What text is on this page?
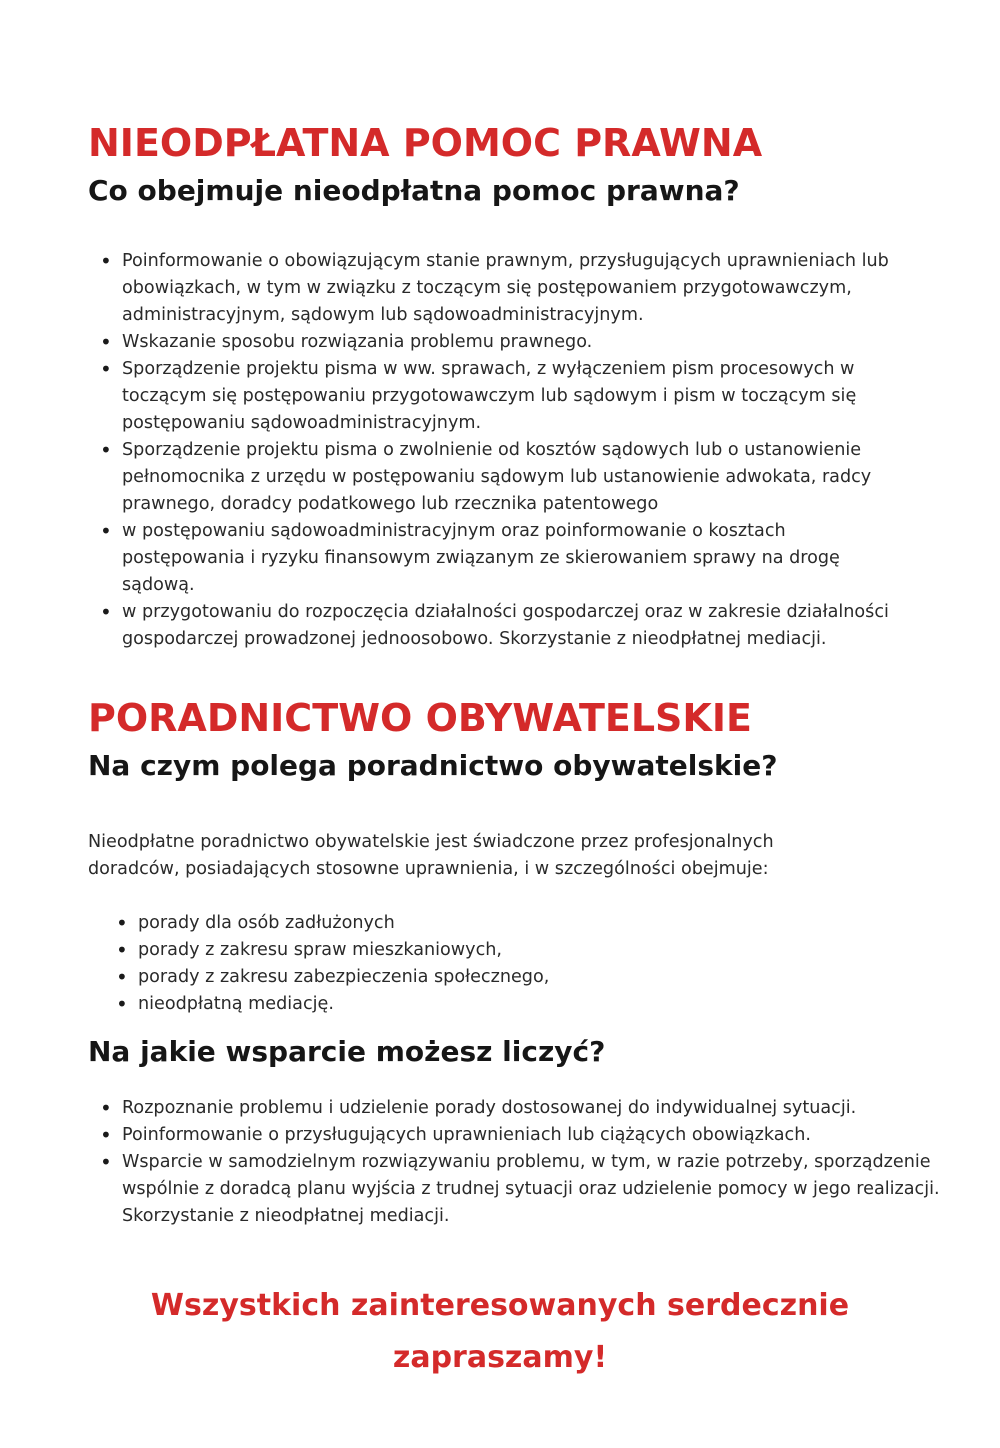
NIEODPŁATNA POMOC PRAWNA
Co obejmuje nieodpłatna pomoc prawna?
• Poinformowanie o obowiązującym stanie prawnym, przysługujących uprawnieniach lub obowiązkach, w tym w związku z toczącym się postępowaniem przygotowawczym, administracyjnym, sądowym lub sądowoadministracyjnym.
• Wskazanie sposobu rozwiązania problemu prawnego.
• Sporządzenie projektu pisma w ww. sprawach, z wyłączeniem pism procesowych w toczącym się postępowaniu przygotowawczym lub sądowym i pism w toczącym się postępowaniu sądowoadministracyjnym.
• Sporządzenie projektu pisma o zwolnienie od kosztów sądowych lub o ustanowienie pełnomocnika z urzędu w postępowaniu sądowym lub ustanowienie adwokata, radcy prawnego, doradcy podatkowego lub rzecznika patentowego
• w postępowaniu sądowoadministracyjnym oraz poinformowanie o kosztach postępowania i ryzyku finansowym związanym ze skierowaniem sprawy na drogę sądową.
• w przygotowaniu do rozpoczęcia działalności gospodarczej oraz w zakresie działalności gospodarczej prowadzonej jednoosobowo. Skorzystanie z nieodpłatnej mediacji.
PORADNICTWO OBYWATELSKIE
Na czym polega poradnictwo obywatelskie?

Nieodpłatne poradnictwo obywatelskie jest świadczone przez profesjonalnych doradców, posiadających stosowne uprawnienia, i w szczególności obejmuje:

• porady dla osób zadłużonych
• porady z zakresu spraw mieszkaniowych,
• porady z zakresu zabezpieczenia społecznego,
• nieodpłatną mediację.
Na jakie wsparcie możesz liczyć?
• Rozpoznanie problemu i udzielenie porady dostosowanej do indywidualnej sytuacji.
• Poinformowanie o przysługujących uprawnieniach lub ciążących obowiązkach.
• Wsparcie w samodzielnym rozwiązywaniu problemu, w tym, w razie potrzeby, sporządzenie wspólnie z doradcą planu wyjścia z trudnej sytuacji oraz udzielenie pomocy w jego realizacji. Skorzystanie z nieodpłatnej mediacji.

Wszystkich zainteresowanych serdecznie zapraszamy!
